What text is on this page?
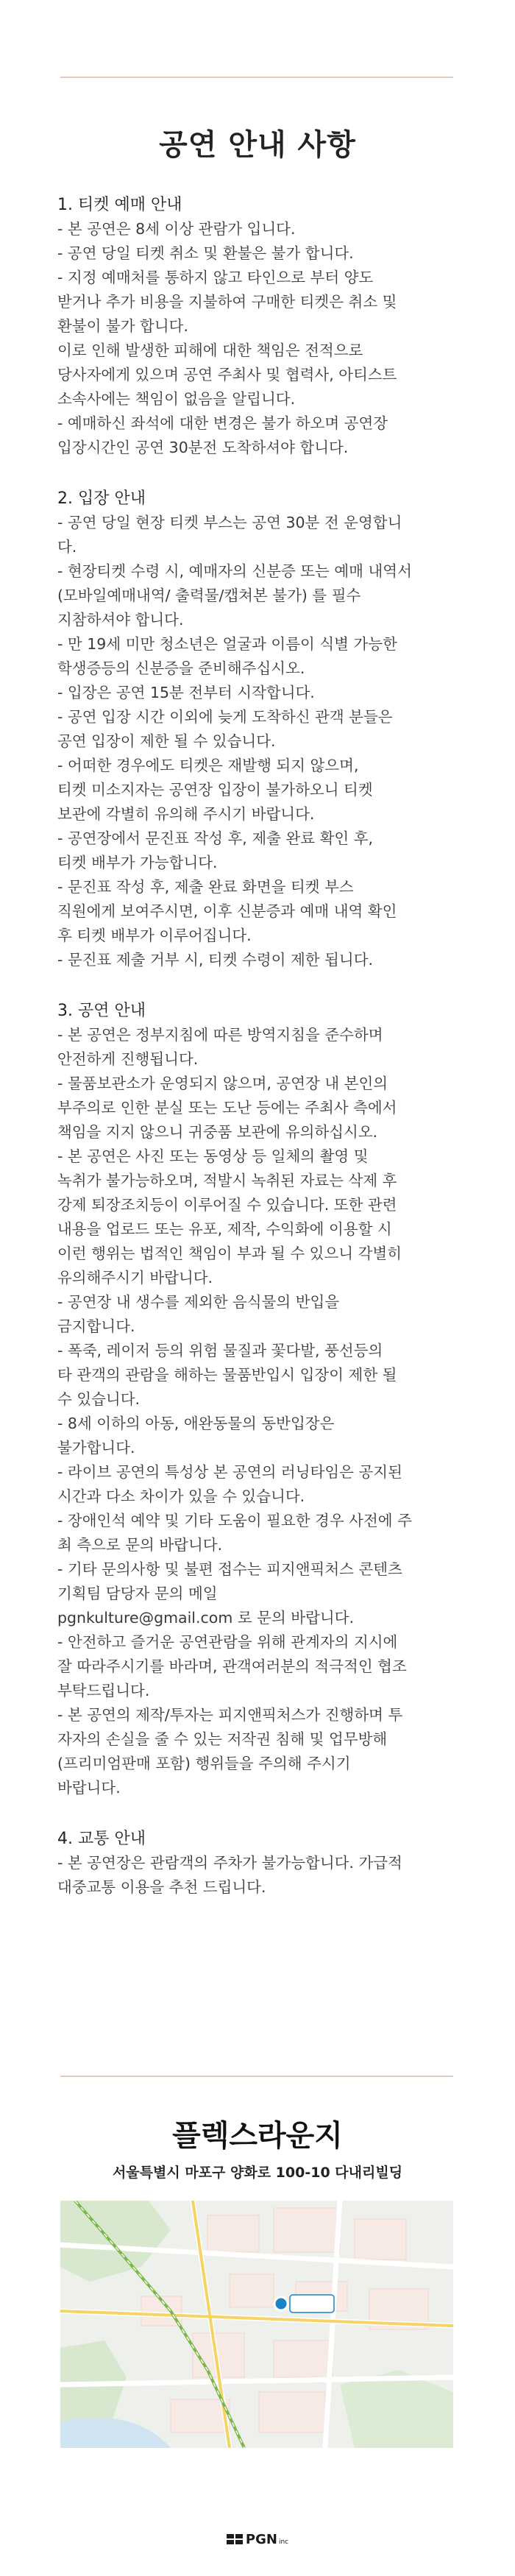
공연 안내 사항
1. 티켓 예매 안내
- 본 공연은 8세 이상 관람가 입니다.
- 공연 당일 티켓 취소 및 환불은 불가 합니다.
- 지정 예매처를 통하지 않고 타인으로 부터 양도
받거나 추가 비용을 지불하여 구매한 티켓은 취소 및
환불이 불가 합니다.
이로 인해 발생한 피해에 대한 책임은 전적으로
당사자에게 있으며 공연 주최사 및 협력사, 아티스트
소속사에는 책임이 없음을 알립니다.
- 예매하신 좌석에 대한 변경은 불가 하오며 공연장
입장시간인 공연 30분전 도착하셔야 합니다.
2. 입장 안내
- 공연 당일 현장 티켓 부스는 공연 30분 전 운영합니
다.
- 현장티켓 수령 시, 예매자의 신분증 또는 예매 내역서
(모바일예매내역/ 출력물/캡쳐본 불가) 를 필수
지참하셔야 합니다.
- 만 19세 미만 청소년은 얼굴과 이름이 식별 가능한
학생증등의 신분증을 준비해주십시오.
- 입장은 공연 15분 전부터 시작합니다.
- 공연 입장 시간 이외에 늦게 도착하신 관객 분들은
공연 입장이 제한 될 수 있습니다.
- 어떠한 경우에도 티켓은 재발행 되지 않으며,
티켓 미소지자는 공연장 입장이 불가하오니 티켓
보관에 각별히 유의해 주시기 바랍니다.
- 공연장에서 문진표 작성 후, 제출 완료 확인 후,
티켓 배부가 가능합니다.
- 문진표 작성 후, 제출 완료 화면을 티켓 부스
직원에게 보여주시면, 이후 신분증과 예매 내역 확인
후 티켓 배부가 이루어집니다.
- 문진표 제출 거부 시, 티켓 수령이 제한 됩니다.
3. 공연 안내
- 본 공연은 정부지침에 따른 방역지침을 준수하며
안전하게 진행됩니다.
- 물품보관소가 운영되지 않으며, 공연장 내 본인의
부주의로 인한 분실 또는 도난 등에는 주최사 측에서
책임을 지지 않으니 귀중품 보관에 유의하십시오.
- 본 공연은 사진 또는 동영상 등 일체의 촬영 및
녹취가 불가능하오며, 적발시 녹취된 자료는 삭제 후
강제 퇴장조치등이 이루어질 수 있습니다. 또한 관련
내용을 업로드 또는 유포, 제작, 수익화에 이용할 시
이런 행위는 법적인 책임이 부과 될 수 있으니 각별히
유의해주시기 바랍니다.
- 공연장 내 생수를 제외한 음식물의 반입을
금지합니다.
- 폭죽, 레이저 등의 위험 물질과 꽃다발, 풍선등의
타 관객의 관람을 해하는 물품반입시 입장이 제한 될
수 있습니다.
- 8세 이하의 아동, 애완동물의 동반입장은
불가합니다.
- 라이브 공연의 특성상 본 공연의 러닝타임은 공지된
시간과 다소 차이가 있을 수 있습니다.
- 장애인석 예약 및 기타 도움이 필요한 경우 사전에 주
최 측으로 문의 바랍니다.
- 기타 문의사항 및 불편 접수는 피지앤픽처스 콘텐츠
기획팀 담당자 문의 메일
pgnkulture@gmail.com 로 문의 바랍니다.
- 안전하고 즐거운 공연관람을 위해 관계자의 지시에
잘 따라주시기를 바라며, 관객여러분의 적극적인 협조
부탁드립니다.
- 본 공연의 제작/투자는 피지앤픽처스가 진행하며 투
자자의 손실을 줄 수 있는 저작권 침해 및 업무방해
(프리미엄판매 포함) 행위들을 주의해 주시기
바랍니다.
4. 교통 안내
- 본 공연장은 관람객의 주차가 불가능합니다. 가급적
대중교통 이용을 추천 드립니다.
플렉스라운지
서울특별시 마포구 양화로 100-10 다내리빌딩
PGN inc
